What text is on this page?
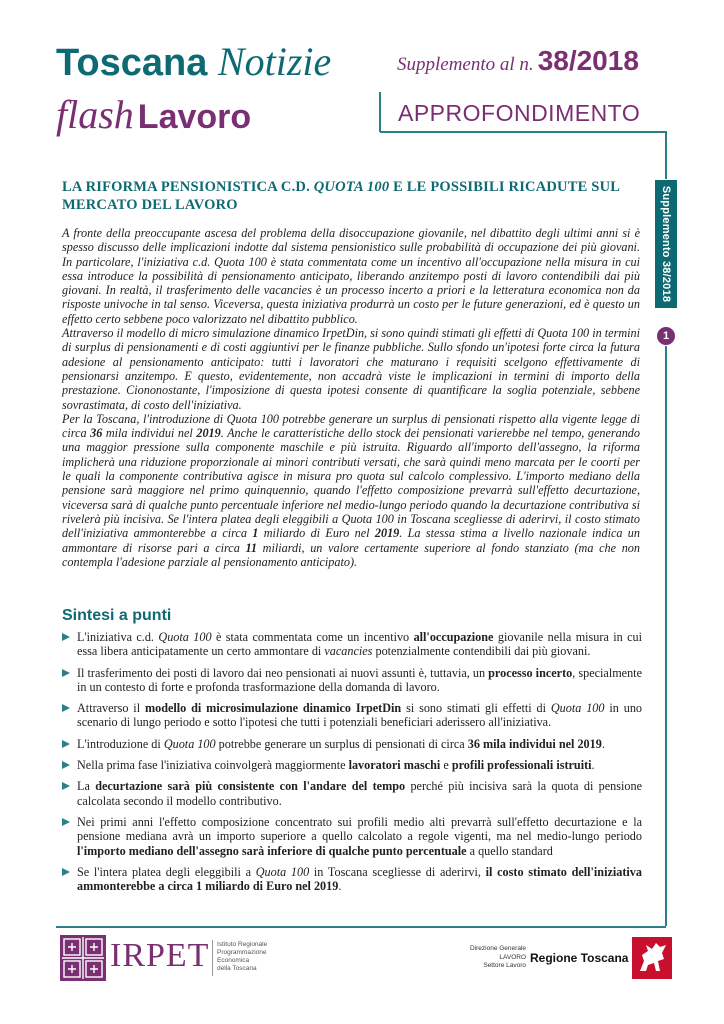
Toscana Notizie
flash Lavoro
Supplemento al n. 38/2018
APPROFONDIMENTO
Supplemento 38/2018
1
LA RIFORMA PENSIONISTICA C.D. QUOTA 100 E LE POSSIBILI RICADUTE SUL MERCATO DEL LAVORO

A fronte della preoccupante ascesa del problema della disoccupazione giovanile, nel dibattito degli ultimi anni si è spesso discusso delle implicazioni indotte dal sistema pensionistico sulle probabilità di occupazione dei più giovani. In particolare, l'iniziativa c.d. Quota 100 è stata commentata come un incentivo all'occupazione nella misura in cui essa introduce la possibilità di pensionamento anticipato, liberando anzitempo posti di lavoro contendibili dai più giovani. In realtà, il trasferimento delle vacancies è un processo incerto a priori e la letteratura economica non da risposte univoche in tal senso. Viceversa, questa iniziativa produrrà un costo per le future generazioni, ed è questo un effetto certo sebbene poco valorizzato nel dibattito pubblico.

Attraverso il modello di micro simulazione dinamico IrpetDin, si sono quindi stimati gli effetti di Quota 100 in termini di surplus di pensionamenti e di costi aggiuntivi per le finanze pubbliche. Sullo sfondo un'ipotesi forte circa la futura adesione al pensionamento anticipato: tutti i lavoratori che maturano i requisiti scelgono effettivamente di pensionarsi anzitempo. E questo, evidentemente, non accadrà viste le implicazioni in termini di importo della prestazione. Ciononostante, l'imposizione di questa ipotesi consente di quantificare la soglia potenziale, sebbene sovrastimata, di costo dell'iniziativa.

Per la Toscana, l'introduzione di Quota 100 potrebbe generare un surplus di pensionati rispetto alla vigente legge di circa 36 mila individui nel 2019. Anche le caratteristiche dello stock dei pensionati varierebbe nel tempo, generando una maggior pressione sulla componente maschile e più istruita. Riguardo all'importo dell'assegno, la riforma implicherà una riduzione proporzionale ai minori contributi versati, che sarà quindi meno marcata per le coorti per le quali la componente contributiva agisce in misura pro quota sul calcolo complessivo. L'importo mediano della pensione sarà maggiore nel primo quinquennio, quando l'effetto composizione prevarrà sull'effetto decurtazione, viceversa sarà di qualche punto percentuale inferiore nel medio-lungo periodo quando la decurtazione contributiva si rivelerà più incisiva. Se l'intera platea degli eleggibili a Quota 100 in Toscana scegliesse di aderirvi, il costo stimato dell'iniziativa ammonterebbe a circa 1 miliardo di Euro nel 2019. La stessa stima a livello nazionale indica un ammontare di risorse pari a circa 11 miliardi, un valore certamente superiore al fondo stanziato (ma che non contempla l'adesione parziale al pensionamento anticipato).

Sintesi a punti
L'iniziativa c.d. Quota 100 è stata commentata come un incentivo all'occupazione giovanile nella misura in cui essa libera anticipatamente un certo ammontare di vacancies potenzialmente contendibili dai più giovani.
Il trasferimento dei posti di lavoro dai neo pensionati ai nuovi assunti è, tuttavia, un processo incerto, specialmente in un contesto di forte e profonda trasformazione della domanda di lavoro.
Attraverso il modello di microsimulazione dinamico IrpetDin si sono stimati gli effetti di Quota 100 in uno scenario di lungo periodo e sotto l'ipotesi che tutti i potenziali beneficiari aderissero all'iniziativa.
L'introduzione di Quota 100 potrebbe generare un surplus di pensionati di circa 36 mila individui nel 2019.
Nella prima fase l'iniziativa coinvolgerà maggiormente lavoratori maschi e profili professionali istruiti.
La decurtazione sarà più consistente con l'andare del tempo perché più incisiva sarà la quota di pensione calcolata secondo il modello contributivo.
Nei primi anni l'effetto composizione concentrato sui profili medio alti prevarrà sull'effetto decurtazione e la pensione mediana avrà un importo superiore a quello calcolato a regole vigenti, ma nel medio-lungo periodo l'importo mediano dell'assegno sarà inferiore di qualche punto percentuale a quello standard
Se l'intera platea degli eleggibili a Quota 100 in Toscana scegliesse di aderirvi, il costo stimato dell'iniziativa ammonterebbe a circa 1 miliardo di Euro nel 2019.
IRPET Istituto Regionale
Programmazione
Economica
della Toscana
Direzione Generale
LAVORO
Settore Lavoro
Regione Toscana
